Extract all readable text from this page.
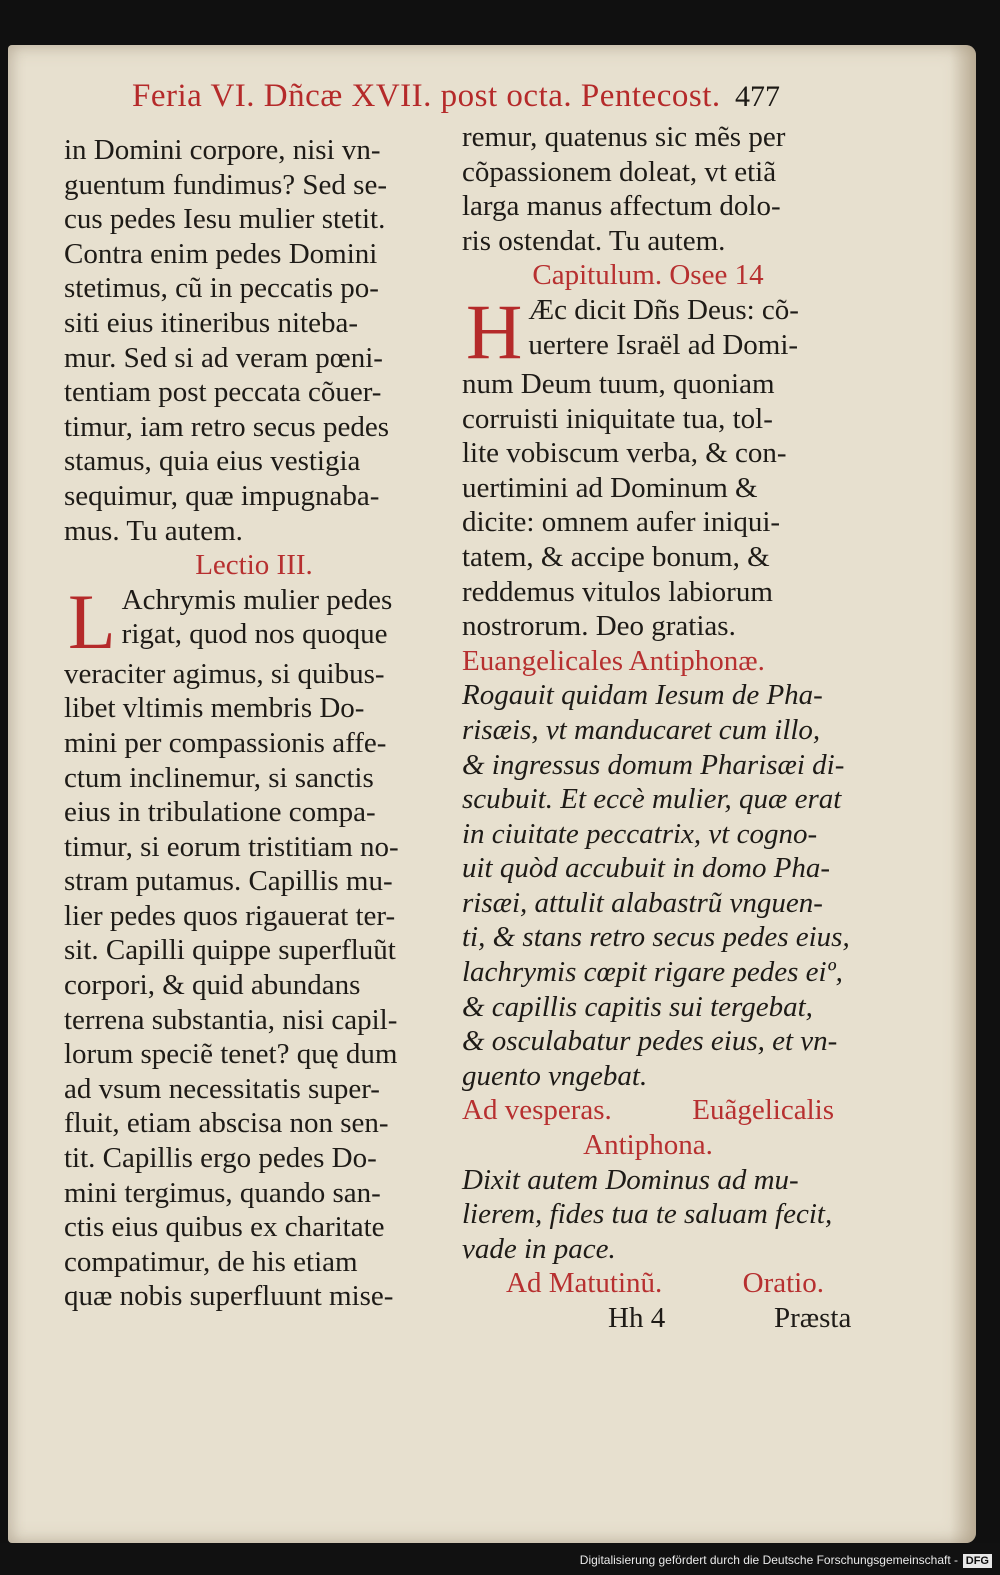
Feria VI. Dñcæ XVII. post octa. Pentecost. 477
in Domini corpore, nisi vn-
guentum fundimus? Sed se-
cus pedes Iesu mulier stetit.
Contra enim pedes Domini
stetimus, cũ in peccatis po-
siti eius itineribus niteba-
mur. Sed si ad veram pœni-
tentiam post peccata cõuer-
timur, iam retro secus pedes
stamus, quia eius vestigia
sequimur, quæ impugnaba-
mus. Tu autem.
Lectio III.
L Achrymis mulier pedes
rigat, quod nos quoque
veraciter agimus, si quibus-
libet vltimis membris Do-
mini per compassionis affe-
ctum inclinemur, si sanctis
eius in tribulatione compa-
timur, si eorum tristitiam no-
stram putamus. Capillis mu-
lier pedes quos rigauerat ter-
sit. Capilli quippe superfluũt
corpori, & quid abundans
terrena substantia, nisi capil-
lorum speciẽ tenet? quę dum
ad vsum necessitatis super-
fluit, etiam abscisa non sen-
tit. Capillis ergo pedes Do-
mini tergimus, quando san-
ctis eius quibus ex charitate
compatimur, de his etiam
quæ nobis superfluunt mise-
remur, quatenus sic mẽs per
cõpassionem doleat, vt etiã
larga manus affectum dolo-
ris ostendat. Tu autem.
Capitulum. Osee 14
H Æc dicit Dñs Deus: cõ-
uertere Israël ad Domi-
num Deum tuum, quoniam
corruisti iniquitate tua, tol-
lite vobiscum verba, & con-
uertimini ad Dominum &
dicite: omnem aufer iniqui-
tatem, & accipe bonum, &
reddemus vitulos labiorum
nostrorum. Deo gratias.
Euangelicales Antiphonæ.
Rogauit quidam Iesum de Pha-
risæis, vt manducaret cum illo,
& ingressus domum Pharisæi di-
scubuit. Et eccè mulier, quæ erat
in ciuitate peccatrix, vt cogno-
uit quòd accubuit in domo Pha-
risæi, attulit alabastrũ vnguen-
ti, & stans retro secus pedes eius,
lachrymis cœpit rigare pedes eiº,
& capillis capitis sui tergebat,
& osculabatur pedes eius, et vn-
guento vngebat.
Ad vesperas.	Euãgelicalis
Antiphona.
Dixit autem Dominus ad mu-
lierem, fides tua te saluam fecit,
vade in pace.
Ad Matutinũ.	Oratio.
Hh 4	Præsta
Digitalisierung gefördert durch die Deutsche Forschungsgemeinschaft - DFG
